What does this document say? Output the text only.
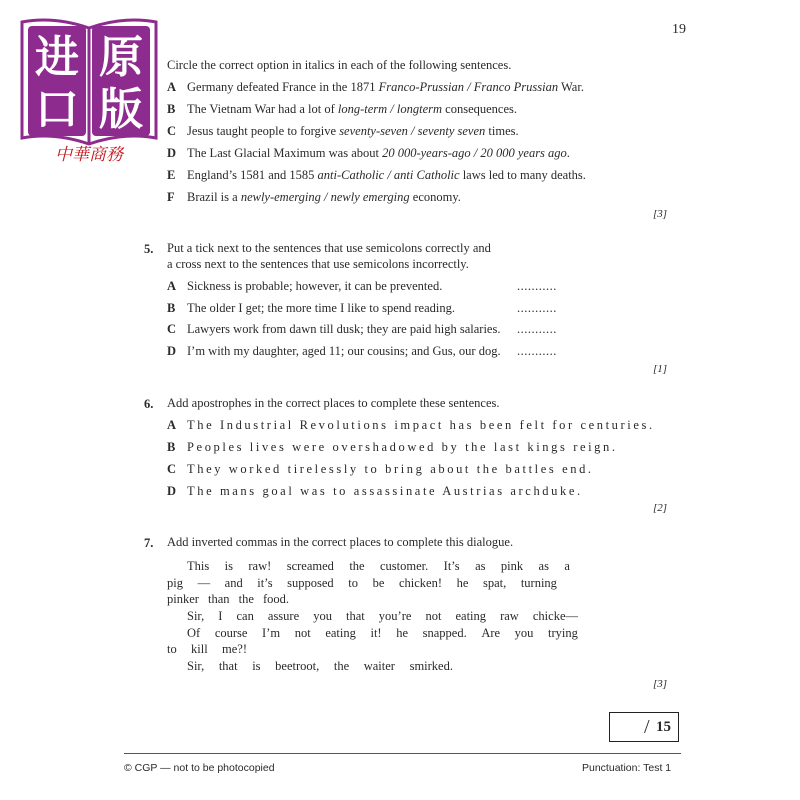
19
进 原
口 版
中華商務
Circle the correct option in italics in each of the following sentences.
A Germany defeated France in the 1871 Franco-Prussian / Franco Prussian War.
B The Vietnam War had a lot of long-term / longterm consequences.
C Jesus taught people to forgive seventy-seven / seventy seven times.
D The Last Glacial Maximum was about 20 000-years-ago / 20 000 years ago.
E England’s 1581 and 1585 anti-Catholic / anti Catholic laws led to many deaths.
F Brazil is a newly-emerging / newly emerging economy.
[3]
5. Put a tick next to the sentences that use semicolons correctly and
a cross next to the sentences that use semicolons incorrectly.
A Sickness is probable; however, it can be prevented.	...........
B The older I get; the more time I like to spend reading.	...........
C Lawyers work from dawn till dusk; they are paid high salaries. ...........
D I’m with my daughter, aged 11; our cousins; and Gus, our dog. ...........
[1]
6. Add apostrophes in the correct places to complete these sentences.
A The Industrial Revolutions impact has been felt for centuries.
B Peoples lives were overshadowed by the last kings reign.
C They worked tirelessly to bring about the battles end.
D The mans goal was to assassinate Austrias archduke.
[2]
7. Add inverted commas in the correct places to complete this dialogue.
This is raw! screamed the customer. It’s as pink as a
pig — and it’s supposed to be chicken! he spat, turning
pinker than the food.
Sir, I can assure you that you’re not eating raw chicke—
Of course I’m not eating it! he snapped. Are you trying
to kill me?!
Sir, that is beetroot, the waiter smirked.
[3]
/ 15
© CGP — not to be photocopied	Punctuation: Test 1
